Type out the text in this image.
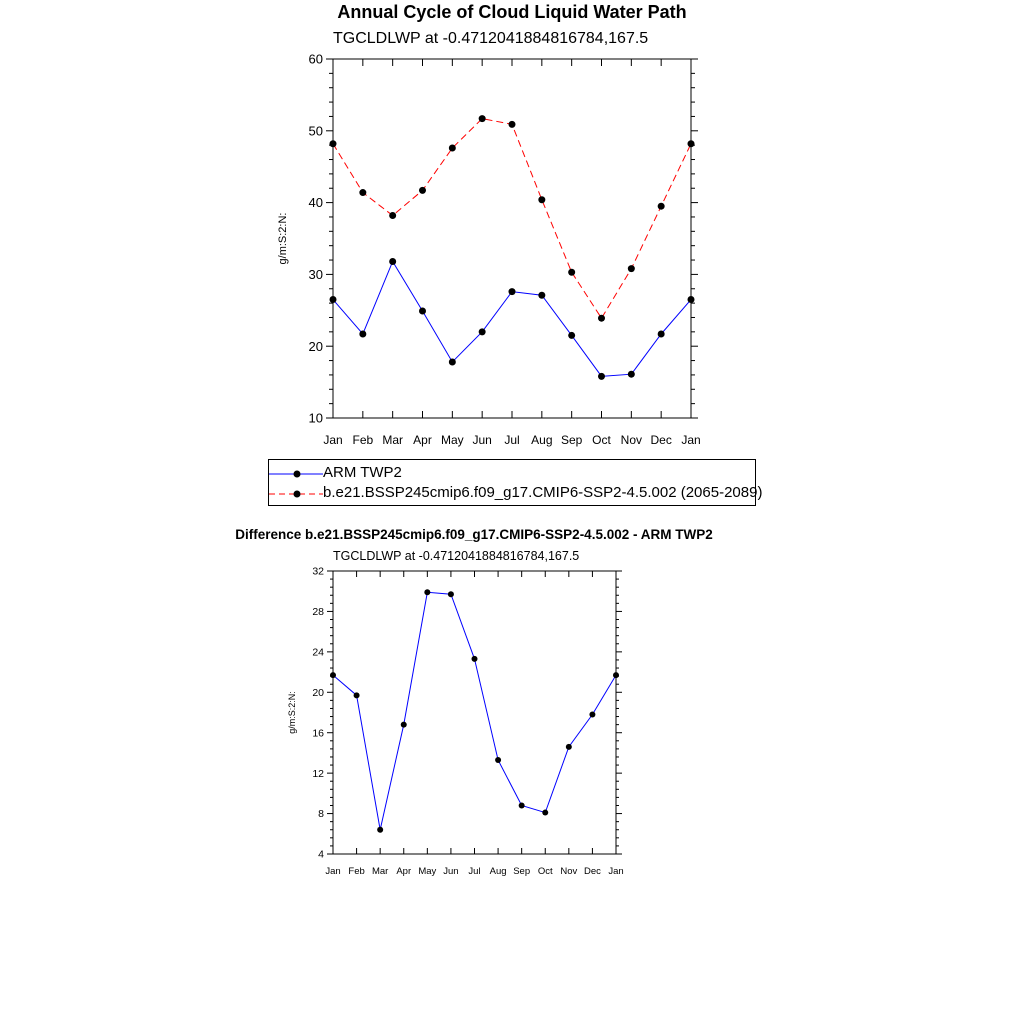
Annual Cycle of Cloud Liquid Water Path
TGCLDLWP at -0.4712041884816784,167.5
Jan Feb Mar Apr May Jun Jul Aug Sep Oct Nov Dec Jan
10
20
30
40
50
60
g/m:S:2:N:
ARM TWP2
b.e21.BSSP245cmip6.f09_g17.CMIP6-SSP2-4.5.002 (2065-2089)
Difference b.e21.BSSP245cmip6.f09_g17.CMIP6-SSP2-4.5.002 - ARM TWP2
TGCLDLWP at -0.4712041884816784,167.5
Jan Feb Mar Apr May Jun Jul Aug Sep Oct Nov Dec Jan
4
8
12
16
20
24
28
32
g/m:S:2:N:
